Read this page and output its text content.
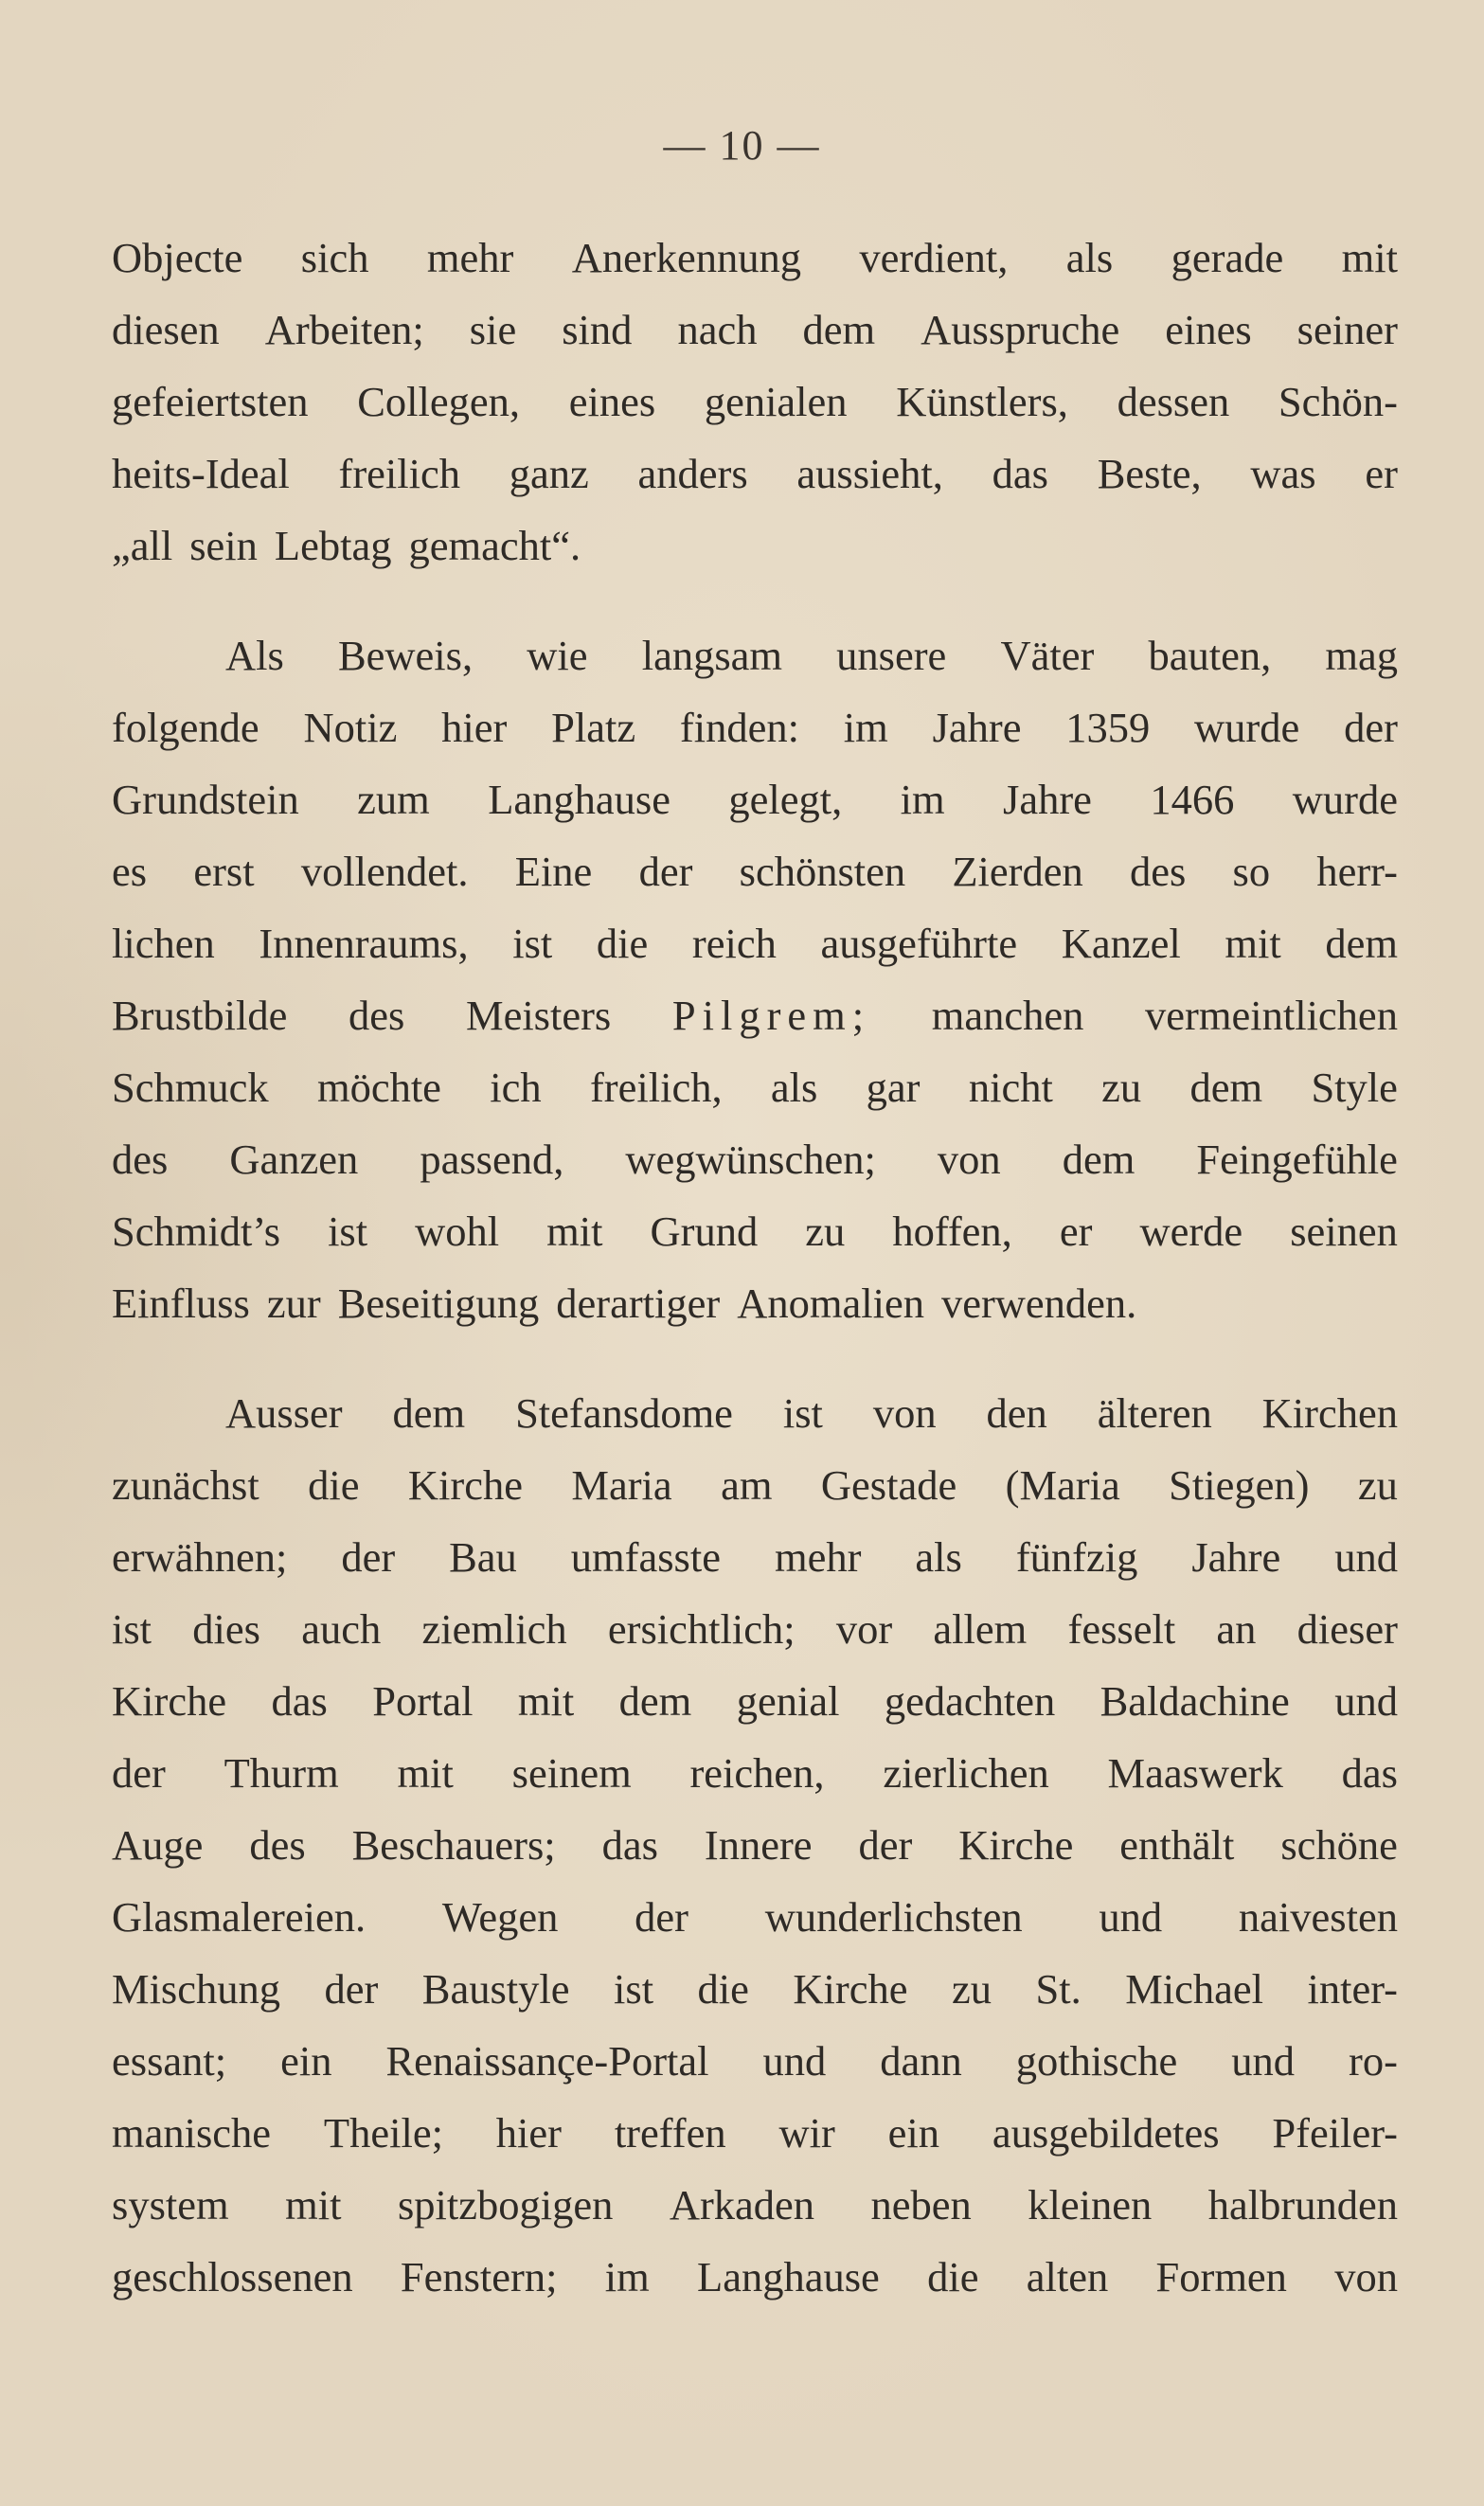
— 10 —
Objecte sich mehr Anerkennung verdient, als gerade mit
diesen Arbeiten; sie sind nach dem Ausspruche eines seiner
gefeiertsten Collegen, eines genialen Künstlers, dessen Schön-
heits-Ideal freilich ganz anders aussieht, das Beste, was er
„all sein Lebtag gemacht“.
Als Beweis, wie langsam unsere Väter bauten, mag
folgende Notiz hier Platz finden: im Jahre 1359 wurde der
Grundstein zum Langhause gelegt, im Jahre 1466 wurde
es erst vollendet. Eine der schönsten Zierden des so herr-
lichen Innenraums, ist die reich ausgeführte Kanzel mit dem
Brustbilde des Meisters Pilgrem; manchen vermeintlichen
Schmuck möchte ich freilich, als gar nicht zu dem Style
des Ganzen passend, wegwünschen; von dem Feingefühle
Schmidt’s ist wohl mit Grund zu hoffen, er werde seinen
Einfluss zur Beseitigung derartiger Anomalien verwenden.
Ausser dem Stefansdome ist von den älteren Kirchen
zunächst die Kirche Maria am Gestade (Maria Stiegen) zu
erwähnen; der Bau umfasste mehr als fünfzig Jahre und
ist dies auch ziemlich ersichtlich; vor allem fesselt an dieser
Kirche das Portal mit dem genial gedachten Baldachine und
der Thurm mit seinem reichen, zierlichen Maaswerk das
Auge des Beschauers; das Innere der Kirche enthält schöne
Glasmalereien. Wegen der wunderlichsten und naivesten
Mischung der Baustyle ist die Kirche zu St. Michael inter-
essant; ein Renaissançe-Portal und dann gothische und ro-
manische Theile; hier treffen wir ein ausgebildetes Pfeiler-
system mit spitzbogigen Arkaden neben kleinen halbrunden
geschlossenen Fenstern; im Langhause die alten Formen von
